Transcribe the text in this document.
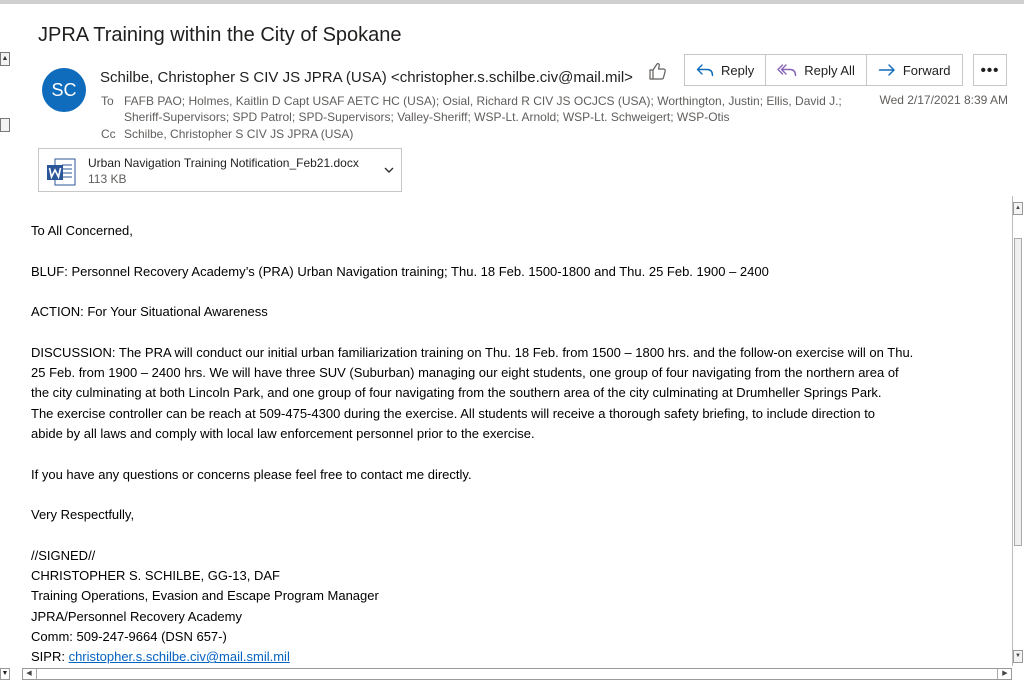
▲
JPRA Training within the City of Spokane
SC
Schilbe, Christopher S CIV JS JPRA (USA) <christopher.s.schilbe.civ@mail.mil>
To FAFB PAO; Holmes, Kaitlin D Capt USAF AETC HC (USA); Osial, Richard R CIV JS OCJCS (USA); Worthington, Justin; Ellis, David J.;
Sheriff-Supervisors; SPD Patrol; SPD-Supervisors; Valley-Sheriff; WSP-Lt. Arnold; WSP-Lt. Schweigert; WSP-Otis
Cc Schilbe, Christopher S CIV JS JPRA (USA)
Wed 2/17/2021 8:39 AM
Reply	Reply All	Forward	•••
Urban Navigation Training Notification_Feb21.docx
113 KB

To All Concerned,

BLUF: Personnel Recovery Academy’s (PRA) Urban Navigation training; Thu. 18 Feb. 1500-1800 and Thu. 25 Feb. 1900 – 2400

ACTION: For Your Situational Awareness

DISCUSSION: The PRA will conduct our initial urban familiarization training on Thu. 18 Feb. from 1500 – 1800 hrs. and the follow-on exercise will on Thu.

25 Feb. from 1900 – 2400 hrs. We will have three SUV (Suburban) managing our eight students, one group of four navigating from the northern area of

the city culminating at both Lincoln Park, and one group of four navigating from the southern area of the city culminating at Drumheller Springs Park.

The exercise controller can be reach at 509-475-4300 during the exercise. All students will receive a thorough safety briefing, to include direction to

abide by all laws and comply with local law enforcement personnel prior to the exercise.

If you have any questions or concerns please feel free to contact me directly.

Very Respectfully,

//SIGNED//

CHRISTOPHER S. SCHILBE, GG-13, DAF

Training Operations, Evasion and Escape Program Manager

JPRA/Personnel Recovery Academy

Comm: 509-247-9664 (DSN 657-)

SIPR: christopher.s.schilbe.civ@mail.smil.mil

▲
▼
▼	◀	▶
